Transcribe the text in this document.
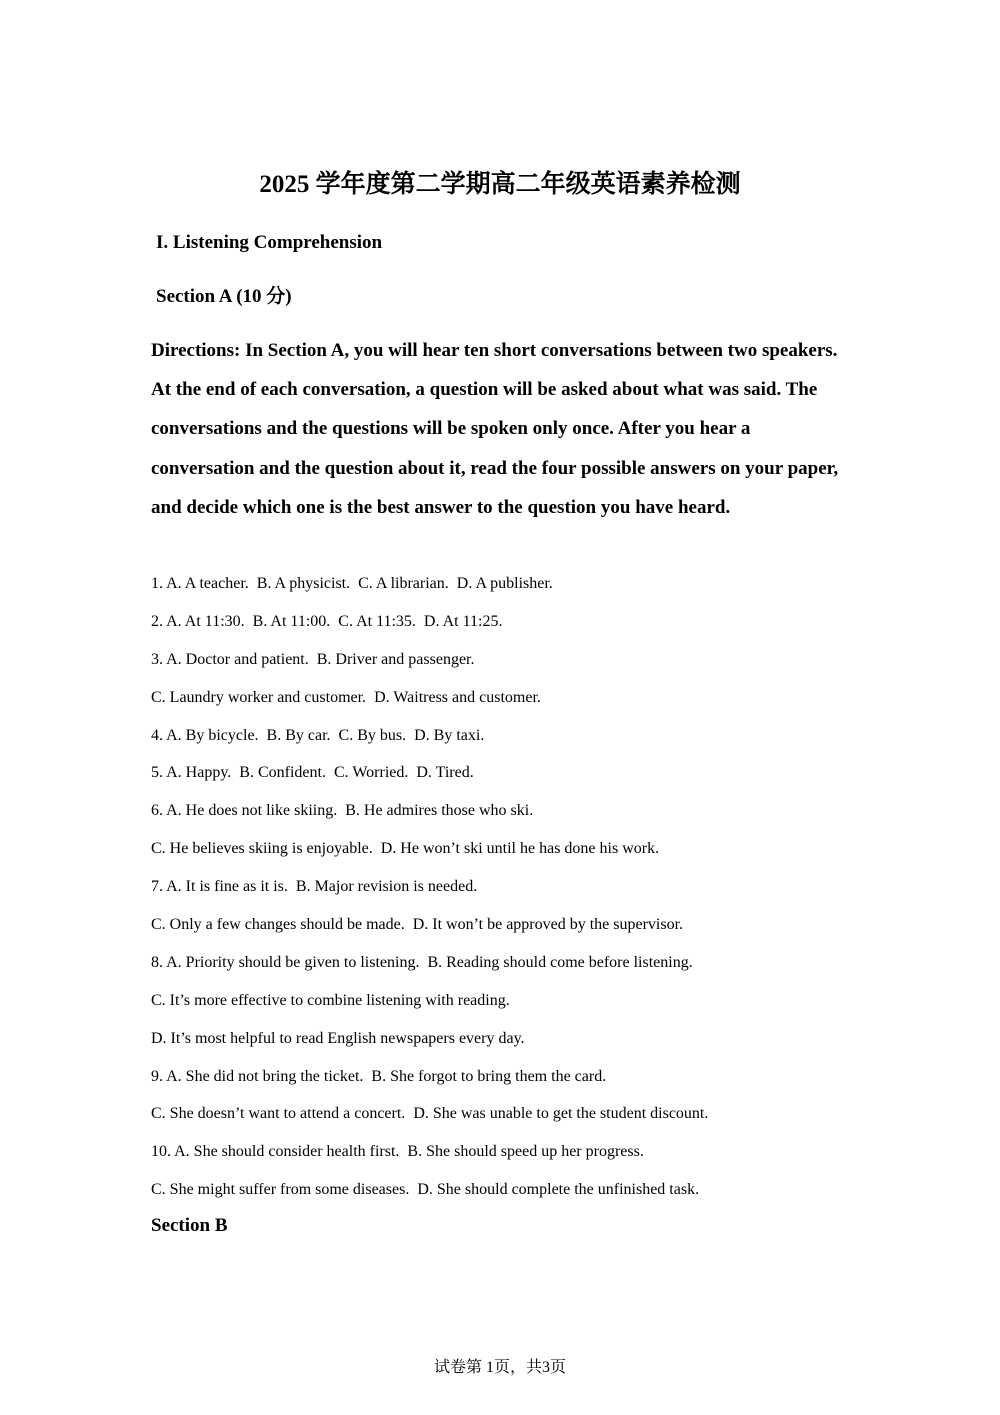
2025 学年度第二学期高二年级英语素养检测
I. Listening Comprehension
Section A (10 分)
Directions: In Section A, you will hear ten short conversations between two speakers. At the end of each conversation, a question will be asked about what was said. The conversations and the questions will be spoken only once. After you hear a conversation and the question about it, read the four possible answers on your paper, and decide which one is the best answer to the question you have heard.
1. A. A teacher. B. A physicist. C. A librarian. D. A publisher.
2. A. At 11:30. B. At 11:00. C. At 11:35. D. At 11:25.
3. A. Doctor and patient. B. Driver and passenger.
C. Laundry worker and customer. D. Waitress and customer.
4. A. By bicycle. B. By car. C. By bus. D. By taxi.
5. A. Happy. B. Confident. C. Worried. D. Tired.
6. A. He does not like skiing. B. He admires those who ski.
C. He believes skiing is enjoyable. D. He won’t ski until he has done his work.
7. A. It is fine as it is. B. Major revision is needed.
C. Only a few changes should be made. D. It won’t be approved by the supervisor.
8. A. Priority should be given to listening. B. Reading should come before listening.
C. It’s more effective to combine listening with reading.
D. It’s most helpful to read English newspapers every day.
9. A. She did not bring the ticket. B. She forgot to bring them the card.
C. She doesn’t want to attend a concert. D. She was unable to get the student discount.
10. A. She should consider health first. B. She should speed up her progress.
C. She might suffer from some diseases. D. She should complete the unfinished task.
Section B
试卷第 1页，共3页
